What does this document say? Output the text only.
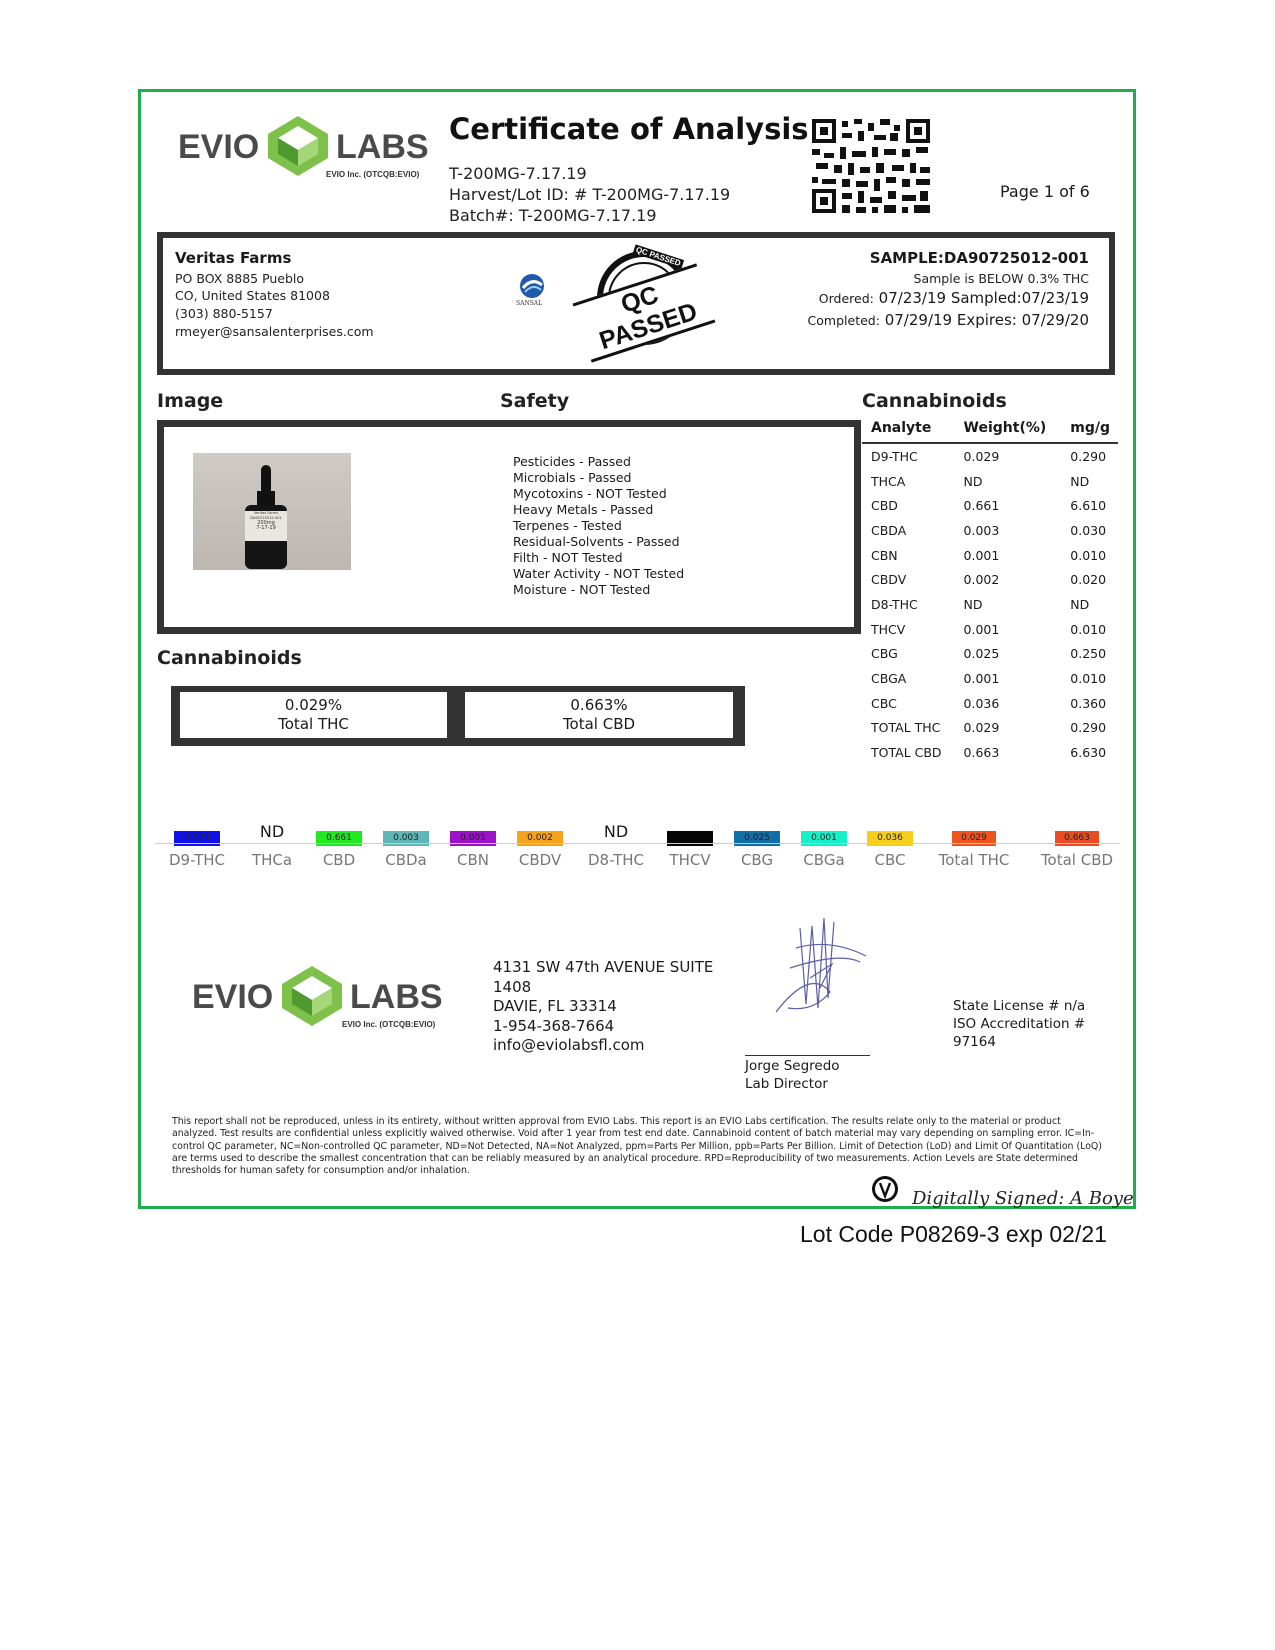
EVIO LABS
EVIO Inc. (OTCQB:EVIO)
Certificate of Analysis
T-200MG-7.17.19
Harvest/Lot ID: # T-200MG-7.17.19
Batch#: T-200MG-7.17.19
Page 1 of 6
Veritas Farms
PO BOX 8885 Pueblo
CO, United States 81008
(303) 880-5157
rmeyer@sansalenterprises.com
SANSAL	QC PASSED
QC PASSED	SAMPLE:DA90725012-001
Sample is BELOW 0.3% THC
Ordered: 07/23/19 Sampled:07/23/19
Completed: 07/29/19 Expires: 07/29/20
Image	Safety	Cannabinoids
Veritas Farms
DA90725012-001
200mg
7-17-19
Pesticides - Passed
Microbials - Passed
Mycotoxins - NOT Tested
Heavy Metals - Passed
Terpenes - Tested
Residual-Solvents - Passed
Filth - NOT Tested
Water Activity - NOT Tested
Moisture - NOT Tested
Analyte	Weight(%)	mg/g
D9-THC	0.029	0.290
THCA	ND	ND
CBD	0.661	6.610
CBDA	0.003	0.030
CBN	0.001	0.010
CBDV	0.002	0.020
D8-THC	ND	ND
THCV	0.001	0.010
CBG	0.025	0.250
CBGA	0.001	0.010
CBC	0.036	0.360
TOTAL THC	0.029	0.290
TOTAL CBD	0.663	6.630
Cannabinoids
0.029%
Total THC
0.663%
Total CBD
0.029
D9-THC
ND
THCa
0.661
CBD
0.003
CBDa
0.001
CBN
0.002
CBDV
ND
D8-THC
0.001
THCV
0.025
CBG
0.001
CBGa
0.036
CBC
0.029
Total THC
0.663
Total CBD
EVIO LABS
EVIO Inc. (OTCQB:EVIO)
4131 SW 47th AVENUE SUITE
1408
DAVIE, FL 33314
1-954-368-7664
info@eviolabsfl.com
Jorge Segredo
Lab Director
State License # n/a
ISO Accreditation #
97164
This report shall not be reproduced, unless in its entirety, without written approval from EVIO Labs. This report is an EVIO Labs certification. The results relate only to the material or product analyzed. Test results are confidential unless explicitly waived otherwise. Void after 1 year from test end date. Cannabinoid content of batch material may vary depending on sampling error. IC=In-control QC parameter, NC=Non-controlled QC parameter, ND=Not Detected, NA=Not Analyzed, ppm=Parts Per Million, ppb=Parts Per Billion. Limit of Detection (LoD) and Limit Of Quantitation (LoQ) are terms used to describe the smallest concentration that can be reliably measured by an analytical procedure. RPD=Reproducibility of two measurements. Action Levels are State determined thresholds for human safety for consumption and/or inhalation.
Digitally Signed: A Boye
Lot Code P08269-3 exp 02/21
